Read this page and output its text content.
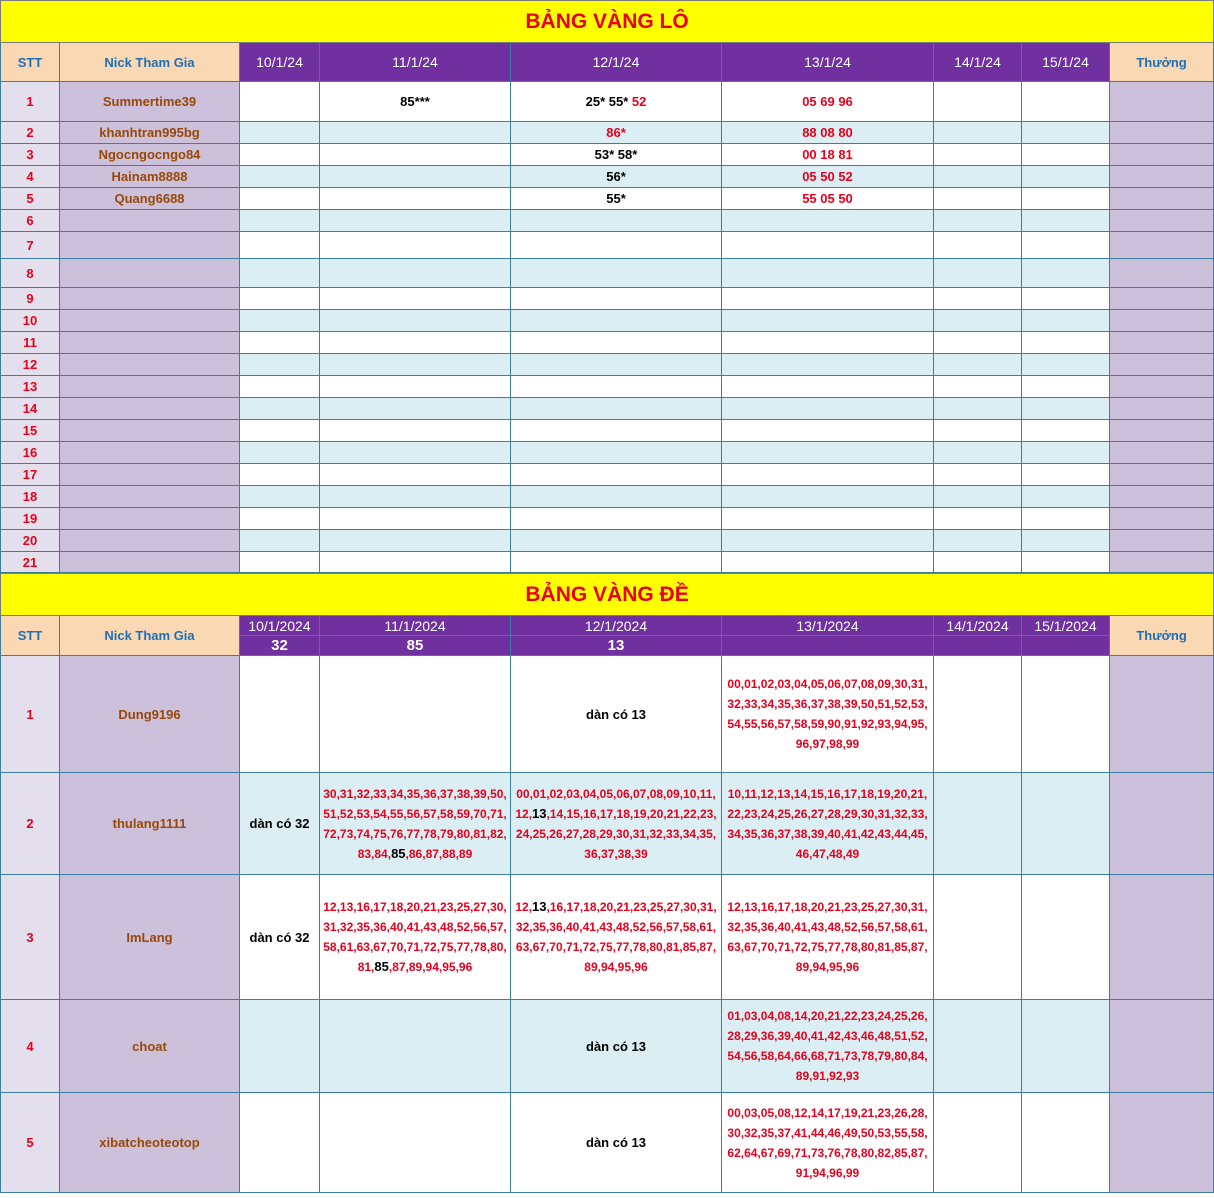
BẢNG VÀNG LÔ								
STT	Nick Tham Gia	10/1/24	11/1/24	12/1/24	13/1/24	14/1/24	15/1/24	Thưởng
1	Summertime39		85***	25* 55* 52	05 69 96			
2	khanhtran995bg			86*	88 08 80			
3	Ngocngocngo84			53* 58*	00 18 81			
4	Hainam8888			56*	05 50 52			
5	Quang6688			55*	55 05 50			
6								
7								
8								
9								
10								
11								
12								
13								
14								
15								
16								
17								
18								
19								
20								
21								
BẢNG VÀNG ĐỀ								
STT	Nick Tham Gia	10/1/2024	11/1/2024	12/1/2024	13/1/2024	14/1/2024	15/1/2024	Thưởng
		32	85	13				
1	Dung9196			dàn có 13	00,01,02,03,04,05,06,07,08,09,30,31,32,33,34,35,36,37,38,39,50,51,52,53,54,55,56,57,58,59,90,91,92,93,94,95,96,97,98,99			
2	thulang1111	dàn có 32	30,31,32,33,34,35,36,37,38,39,50,51,52,53,54,55,56,57,58,59,70,71,72,73,74,75,76,77,78,79,80,81,82,83,84,85,86,87,88,89	00,01,02,03,04,05,06,07,08,09,10,11,12,13,14,15,16,17,18,19,20,21,22,23,24,25,26,27,28,29,30,31,32,33,34,35,36,37,38,39	10,11,12,13,14,15,16,17,18,19,20,21,22,23,24,25,26,27,28,29,30,31,32,33,34,35,36,37,38,39,40,41,42,43,44,45,46,47,48,49			
3	ImLang	dàn có 32	12,13,16,17,18,20,21,23,25,27,30,31,32,35,36,40,41,43,48,52,56,57,58,61,63,67,70,71,72,75,77,78,80,81,85,87,89,94,95,96	12,13,16,17,18,20,21,23,25,27,30,31,32,35,36,40,41,43,48,52,56,57,58,61,63,67,70,71,72,75,77,78,80,81,85,87,89,94,95,96	12,13,16,17,18,20,21,23,25,27,30,31,32,35,36,40,41,43,48,52,56,57,58,61,63,67,70,71,72,75,77,78,80,81,85,87,89,94,95,96			
4	choat			dàn có 13	01,03,04,08,14,20,21,22,23,24,25,26,28,29,36,39,40,41,42,43,46,48,51,52,54,56,58,64,66,68,71,73,78,79,80,84,89,91,92,93			
5	xibatcheoteotop			dàn có 13	00,03,05,08,12,14,17,19,21,23,26,28,30,32,35,37,41,44,46,49,50,53,55,58,62,64,67,69,71,73,76,78,80,82,85,87,91,94,96,99			
